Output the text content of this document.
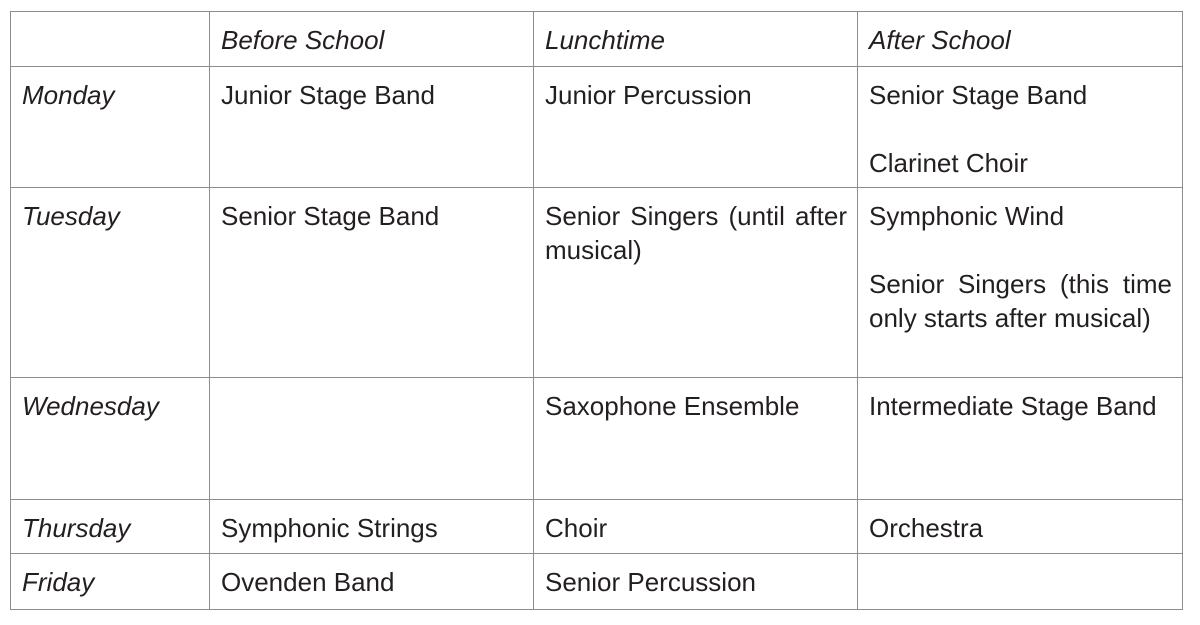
	Before School	Lunchtime	After School
Monday	Junior Stage Band	Junior Percussion	Senior Stage Band
Clarinet Choir

Tuesday	Senior Stage Band	Senior Singers (until after musical)	Symphonic Wind
Senior Singers (this time only starts after musical)

Wednesday		Saxophone Ensemble	Intermediate Stage Band

Thursday	Symphonic Strings	Choir	Orchestra

Friday	Ovenden Band	Senior Percussion	
